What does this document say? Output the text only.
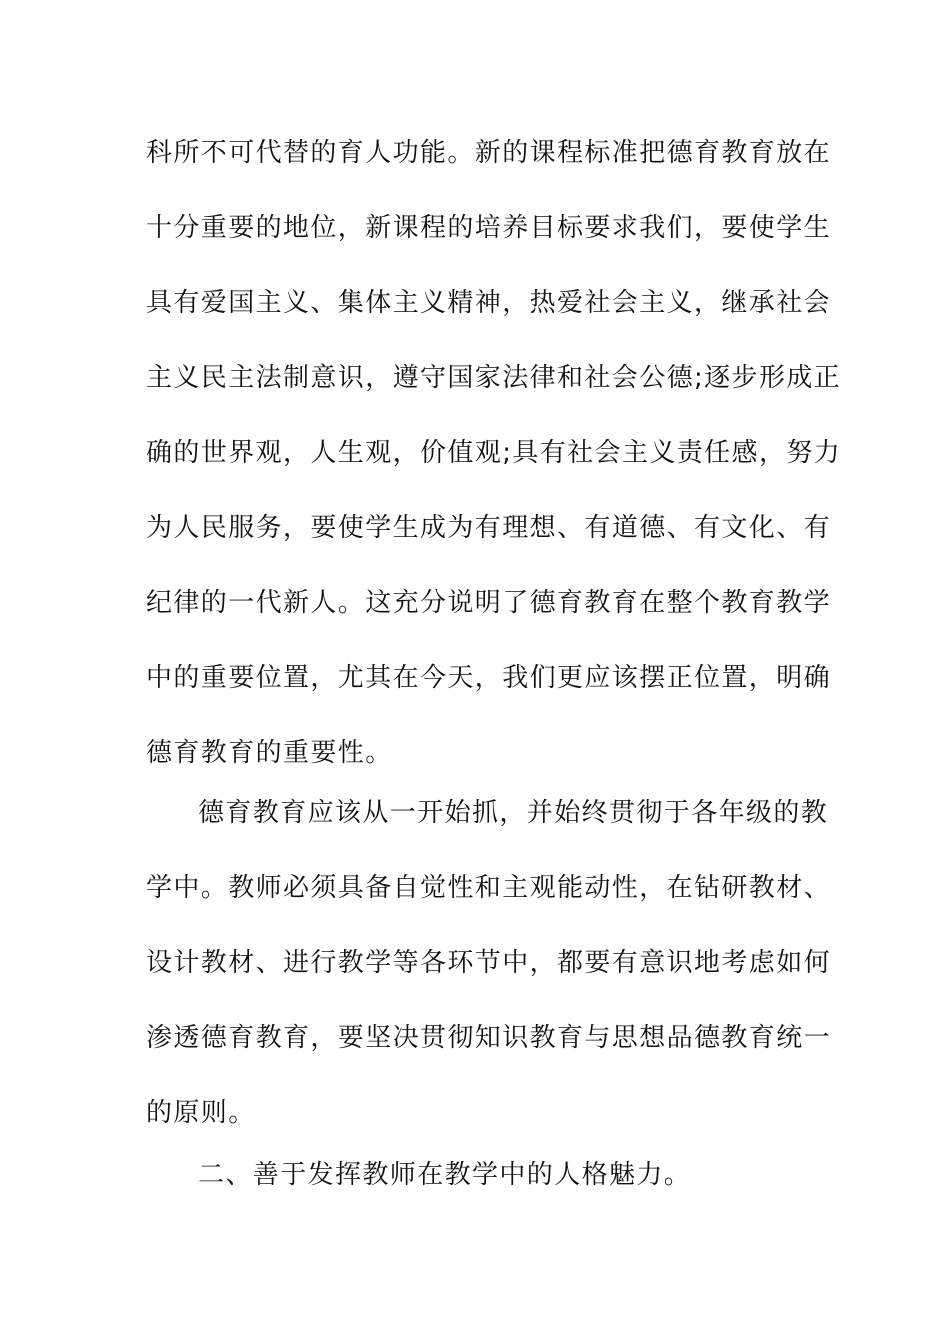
科所不可代替的育人功能。新的课程标准把德育教育放在
十分重要的地位，新课程的培养目标要求我们，要使学生
具有爱国主义、集体主义精神，热爱社会主义，继承社会
主义民主法制意识，遵守国家法律和社会公德;逐步形成正
确的世界观，人生观，价值观;具有社会主义责任感，努力
为人民服务，要使学生成为有理想、有道德、有文化、有
纪律的一代新人。这充分说明了德育教育在整个教育教学
中的重要位置，尤其在今天，我们更应该摆正位置，明确
德育教育的重要性。
德育教育应该从一开始抓，并始终贯彻于各年级的教
学中。教师必须具备自觉性和主观能动性，在钻研教材、
设计教材、进行教学等各环节中，都要有意识地考虑如何
渗透德育教育，要坚决贯彻知识教育与思想品德教育统一
的原则。
二、善于发挥教师在教学中的人格魅力。
